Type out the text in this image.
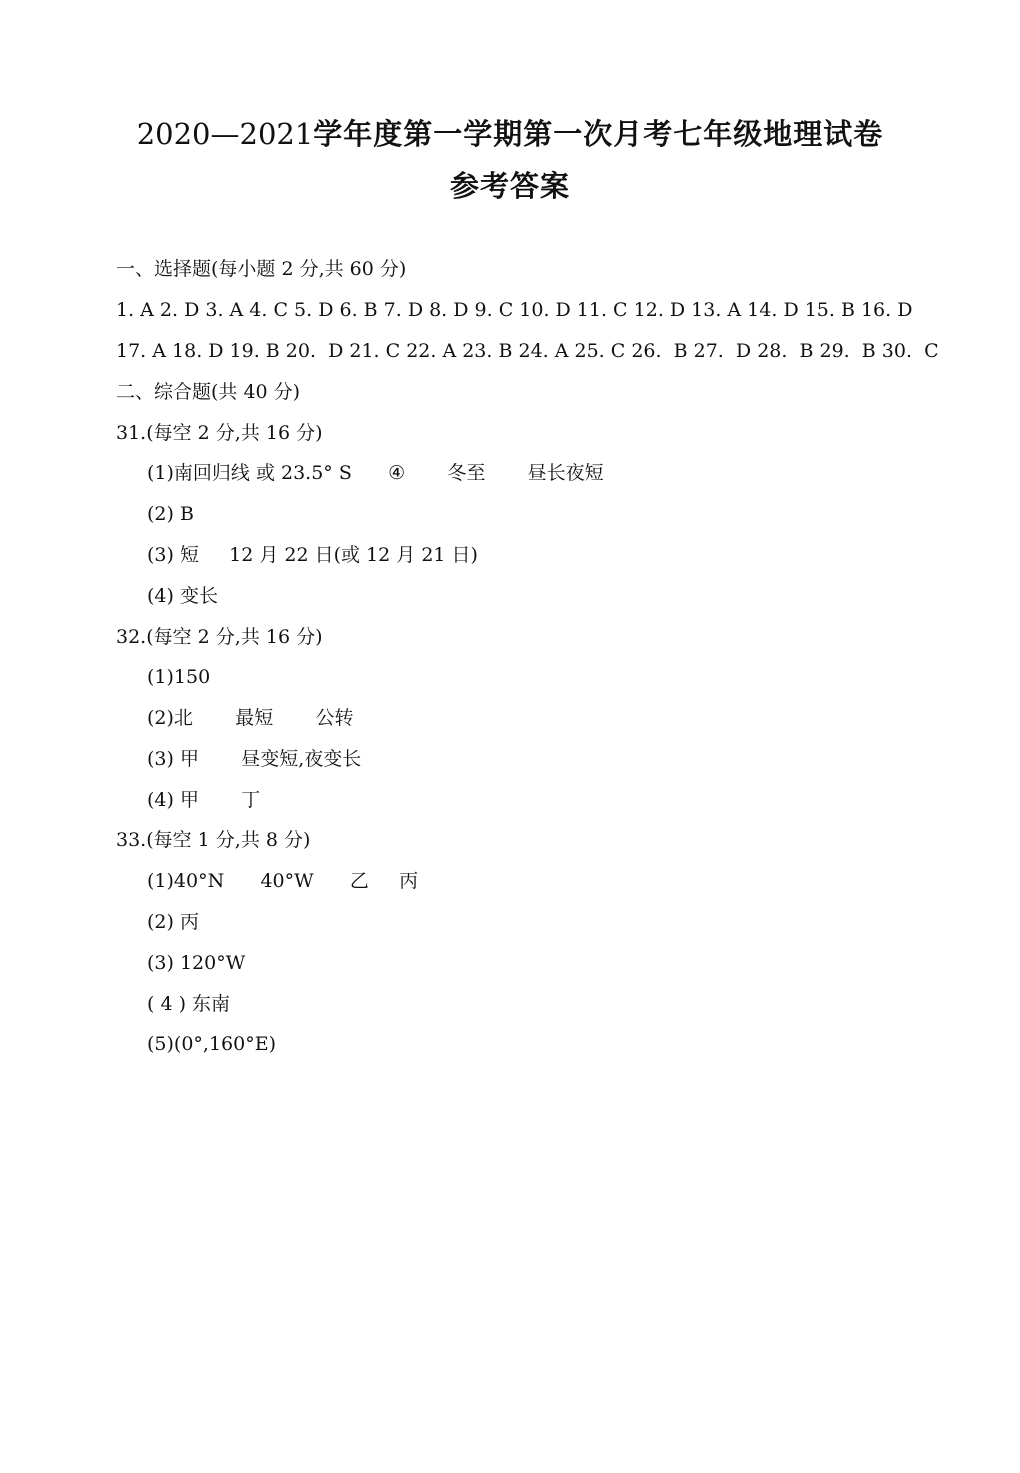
2020—2021学年度第一学期第一次月考七年级地理试卷
参考答案
一、选择题(每小题 2 分,共 60 分)
1. A 2. D 3. A 4. C 5. D 6. B 7. D 8. D 9. C 10. D 11. C 12. D 13. A 14. D 15. B 16. D
17. A 18. D 19. B 20.  D 21. C 22. A 23. B 24. A 25. C 26.  B 27.  D 28.  B 29.  B 30.  C
二、综合题(共 40 分)
31.(每空 2 分,共 16 分)
(1)南回归线 或 23.5° S      ④       冬至       昼长夜短
(2) B
(3) 短     12 月 22 日(或 12 月 21 日)
(4) 变长
32.(每空 2 分,共 16 分)
(1)150
(2)北       最短       公转
(3) 甲       昼变短,夜变长
(4) 甲       丁
33.(每空 1 分,共 8 分)
(1)40°N      40°W      乙     丙
(2) 丙
(3) 120°W
( 4 ) 东南
(5)(0°,160°E)
